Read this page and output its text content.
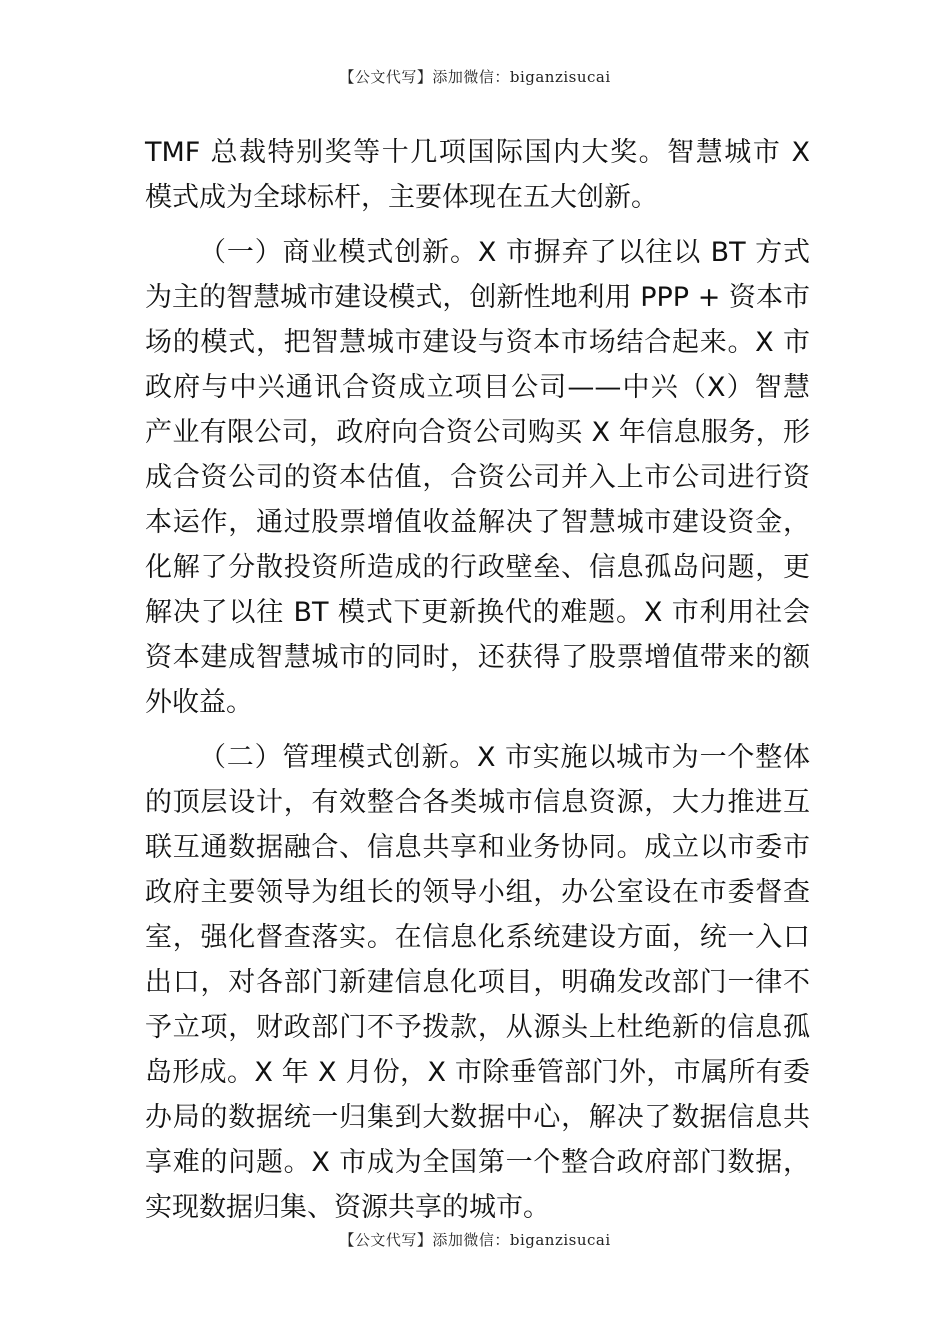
【公文代写】添加微信：biganzisucai

TMF 总裁特别奖等十几项国际国内大奖。智慧城市 X 模式成为全球标杆，主要体现在五大创新。

（一）商业模式创新。X 市摒弃了以往以 BT 方式为主的智慧城市建设模式，创新性地利用 PPP + 资本市场的模式，把智慧城市建设与资本市场结合起来。X 市政府与中兴通讯合资成立项目公司——中兴（X）智慧产业有限公司，政府向合资公司购买 X 年信息服务，形成合资公司的资本估值，合资公司并入上市公司进行资本运作，通过股票增值收益解决了智慧城市建设资金，化解了分散投资所造成的行政壁垒、信息孤岛问题，更解决了以往 BT 模式下更新换代的难题。X 市利用社会资本建成智慧城市的同时，还获得了股票增值带来的额外收益。

（二）管理模式创新。X 市实施以城市为一个整体的顶层设计，有效整合各类城市信息资源，大力推进互联互通数据融合、信息共享和业务协同。成立以市委市政府主要领导为组长的领导小组，办公室设在市委督查室，强化督查落实。在信息化系统建设方面，统一入口出口，对各部门新建信息化项目，明确发改部门一律不予立项，财政部门不予拨款，从源头上杜绝新的信息孤岛形成。X 年 X 月份，X 市除垂管部门外，市属所有委办局的数据统一归集到大数据中心，解决了数据信息共享难的问题。X 市成为全国第一个整合政府部门数据，实现数据归集、资源共享的城市。

【公文代写】添加微信：biganzisucai
